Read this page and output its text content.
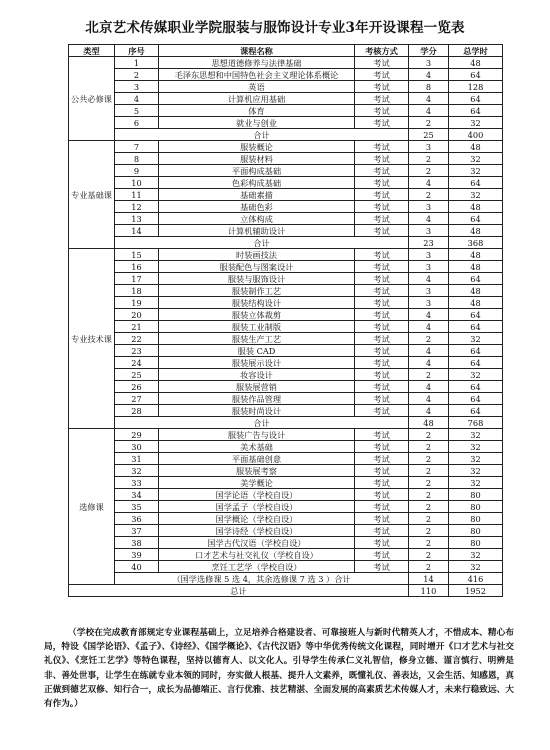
北京艺术传媒职业学院服装与服饰设计专业3年开设课程一览表
类型	序号	课程名称	考核方式	学分	总学时
公共必修课	1	思想道德修养与法律基础	考试	3	48
	2	毛泽东思想和中国特色社会主义理论体系概论	考试	4	64
	3	英语	考试	8	128
	4	计算机应用基础	考试	4	64
	5	体育	考试	4	64
	6	就业与创业	考试	2	32
	合计			25	400
专业基础课	7	服装概论	考试	3	48
	8	服装材料	考试	2	32
	9	平面构成基础	考试	2	32
	10	色彩构成基础	考试	4	64
	11	基础素描	考试	2	32
	12	基础色彩	考试	3	48
	13	立体构成	考试	4	64
	14	计算机辅助设计	考试	3	48
	合计			23	368
专业技术课	15	时装画技法	考试	3	48
	16	服装配色与图案设计	考试	3	48
	17	服装与服饰设计	考试	4	64
	18	服装制作工艺	考试	3	48
	19	服装结构设计	考试	3	48
	20	服装立体裁剪	考试	4	64
	21	服装工业制版	考试	4	64
	22	服装生产工艺	考试	2	32
	23	服装 CAD	考试	4	64
	24	服装展示设计	考试	4	64
	25	妆容设计	考试	2	32
	26	服装展营销	考试	4	64
	27	服装作品管理	考试	4	64
	28	服装时尚设计	考试	4	64
	合计			48	768
选修课	29	服装广告与设计	考试	2	32
	30	美术基础	考试	2	32
	31	平面基础创意	考试	2	32
	32	服装展考察	考试	2	32
	33	美学概论	考试	2	32
	34	国学论语（学校自设）	考试	2	80
	35	国学孟子（学校自设）	考试	2	80
	36	国学概论（学校自设）	考试	2	80
	37	国学诗经（学校自设）	考试	2	80
	38	国学古代汉语（学校自设）	考试	2	80
	39	口才艺术与社交礼仪（学校自设）	考试	2	32
	40	烹饪工艺学（学校自设）	考试	2	32
	（国学选修课 5 选 4，其余选修课 7 选 3 ）合计			14	416
总计				110	1952
（学校在完成教育部规定专业课程基础上，立足培养合格建设者、可靠接班人与新时代精英人才，不惜成本、精心布局，特设《国学论语》、《孟子》、《诗经》、《国学概论》、《古代汉语》等中华优秀传统文化课程，同时增开《口才艺术与社交礼仪》、《烹饪工艺学》等特色课程，坚持以德育人、以文化人。引导学生传承仁义礼智信，修身立德、谨言慎行、明辨是非、善处世事，让学生在练就专业本领的同时，夯实做人根基、提升人文素养，既懂礼仪、善表达，又会生活、知感恩，真正做到德艺双修、知行合一，成长为品德端正、言行优雅、技艺精湛、全面发展的高素质艺术传媒人才，未来行稳致远、大有作为。）
